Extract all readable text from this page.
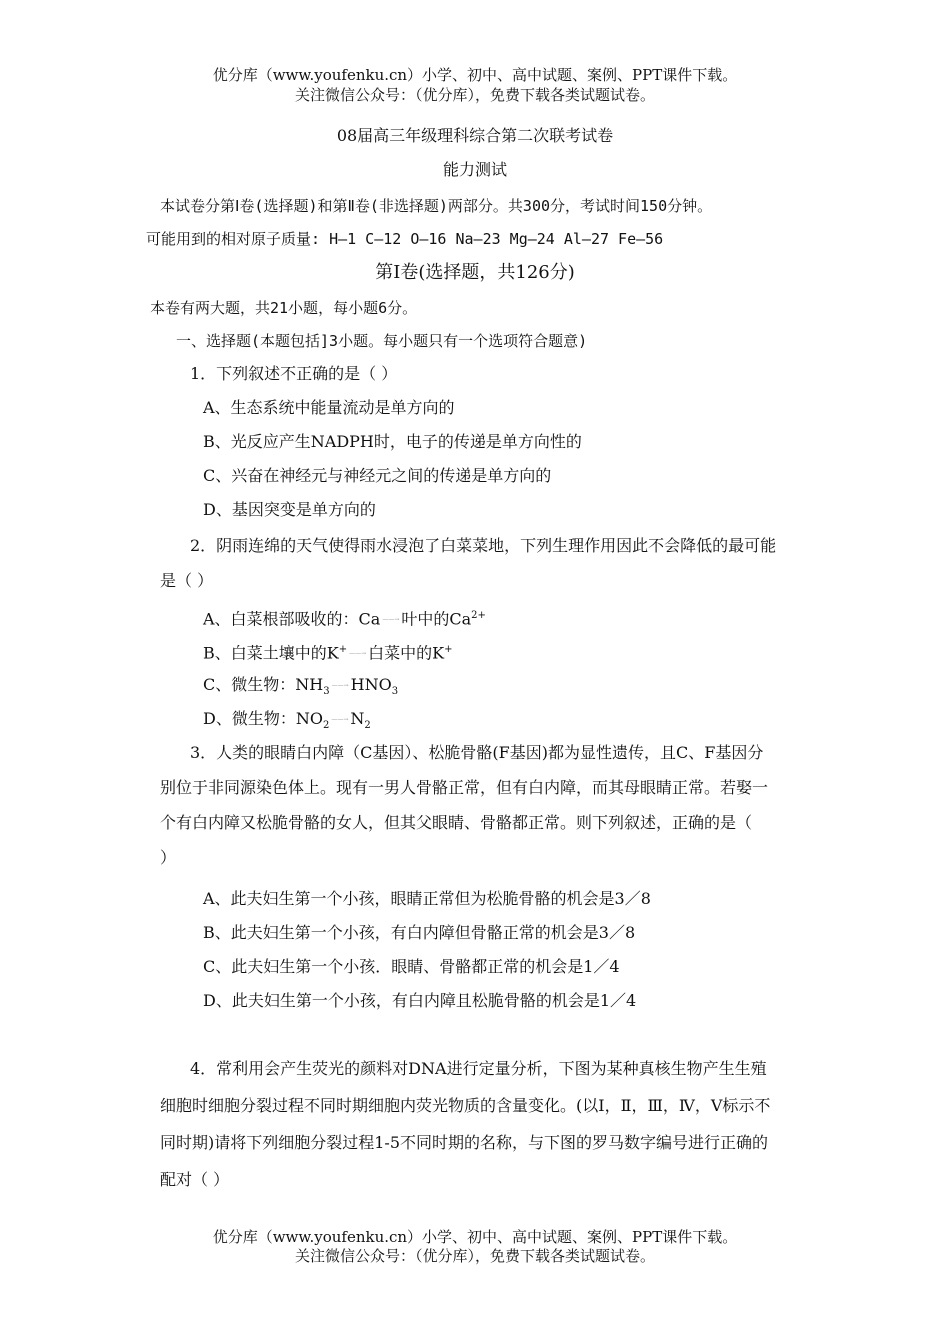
优分库（www.youfenku.cn）小学、初中、高中试题、案例、PPT课件下载。
关注微信公众号：（优分库），免费下载各类试题试卷。
08届高三年级理科综合第二次联考试卷
能力测试
本试卷分第Ⅰ卷(选择题)和第Ⅱ卷(非选择题)两部分。共300分，考试时间150分钟。
可能用到的相对原子质量: H—1 C—12 O—16 Na—23 Mg—24 Al—27 Fe—56
第Ⅰ卷(选择题，共126分)
本卷有两大题，共21小题，每小题6分。
一、选择题(本题包括]3小题。每小题只有一个选项符合题意)
1．下列叙述不正确的是（ ）
A、生态系统中能量流动是单方向的
B、光反应产生NADPH时，电子的传递是单方向性的
C、兴奋在神经元与神经元之间的传递是单方向的
D、基因突变是单方向的
2．阴雨连绵的天气使得雨水浸泡了白菜菜地，下列生理作用因此不会降低的最可能
是（ ）
A、白菜根部吸收的：Ca ——→ 叶中的$Ca^{2+}$
B、白菜土壤中的K+ ——→ 白菜中的K+
C、微生物：$NH_3——\to HNO_3$
D、微生物：$NO_2——\to N_2$
3．人类的眼睛白内障（C基因）、松脆骨骼(F基因)都为显性遗传，且C、F基因分
别位于非同源染色体上。现有一男人骨骼正常，但有白内障，而其母眼睛正常。若娶一
个有白内障又松脆骨骼的女人，但其父眼睛、骨骼都正常。则下列叙述，正确的是（
）
A、此夫妇生第一个小孩，眼睛正常但为松脆骨骼的机会是3／8
B、此夫妇生第一个小孩，有白内障但骨骼正常的机会是3／8
C、此夫妇生第一个小孩．眼睛、骨骼都正常的机会是1／4
D、此夫妇生第一个小孩，有白内障且松脆骨骼的机会是1／4
4．常利用会产生荧光的颜料对DNA进行定量分析，下图为某种真核生物产生生殖
细胞时细胞分裂过程不同时期细胞内荧光物质的含量变化。(以Ⅰ，Ⅱ，Ⅲ，Ⅳ，Ⅴ标示不
同时期)请将下列细胞分裂过程1-5不同时期的名称，与下图的罗马数字编号进行正确的
配对（ ）
优分库（www.youfenku.cn）小学、初中、高中试题、案例、PPT课件下载。
关注微信公众号：（优分库），免费下载各类试题试卷。
